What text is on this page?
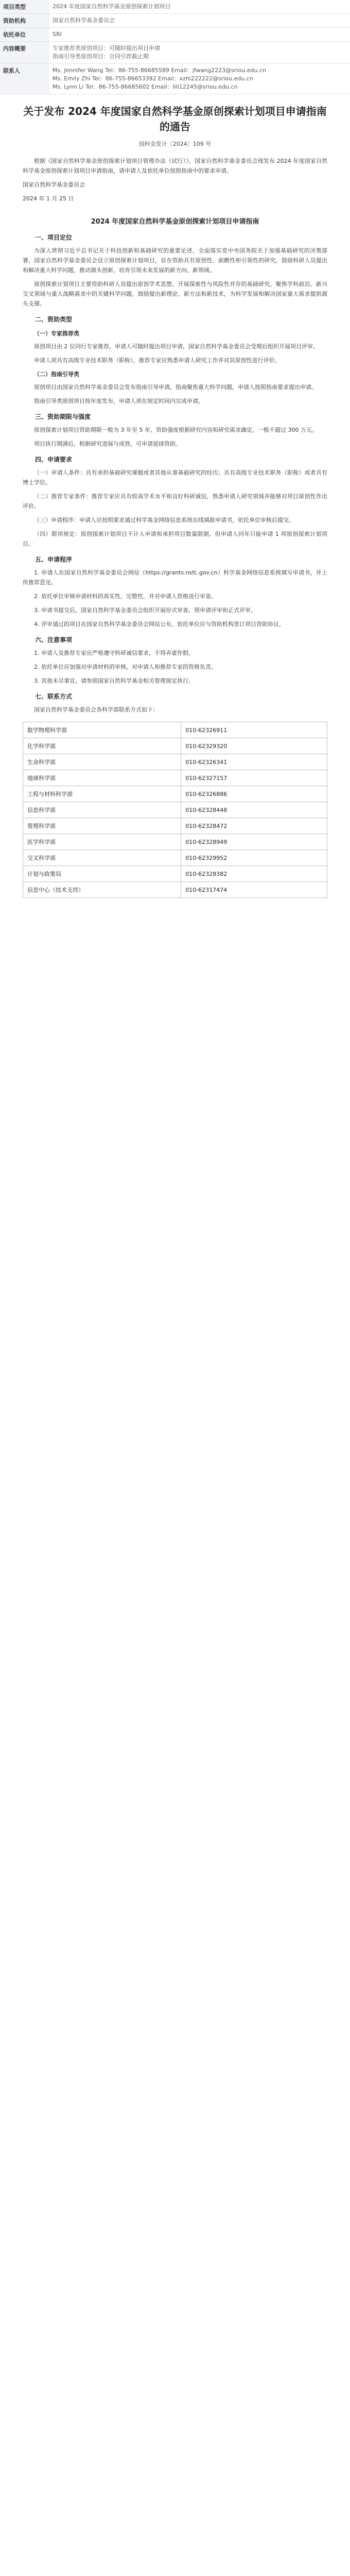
项目类型	2024 年度国家自然科学基金原创探索计划项目

资助机构	国家自然科学基金委员会

依托单位	SRI

内容概要	专家推荐类原创项目：可随时提出项目申请
指南引导类原创项目：合同引荐截止期

联系人	Ms. Jennifer Wang Tel：86-755-86685589 Email：jfwang2223@sriou.edu.cn
Ms. Emily Zhi Tel：86-755-86653392 Email：xzhi222222@sriou.edu.cn
Ms. Lynn Li Tel：86-755-86685602 Email：lili12245@sriou.edu.cn
关于发布 2024 年度国家自然科学基金原创探索计划项目申请指南的通告
国科金发计〔2024〕109 号

根据《国家自然科学基金原创探索计划项目管理办法（试行）》，国家自然科学基金委员会现发布 2024 年度国家自然科学基金原创探索计划项目申请指南，请申请人及依托单位按照指南中的要求申请。

国家自然科学基金委员会

2024 年 1 月 25 日

2024 年度国家自然科学基金原创探索计划项目申请指南
一、项目定位

为深入贯彻习近平总书记关于科技创新和基础研究的重要论述，全面落实党中央国务院关于加强基础研究的决策部署，国家自然科学基金委员会设立原创探索计划项目，旨在资助具有原创性、前瞻性和引领性的研究，鼓励科研人员提出和解决重大科学问题，推动源头创新，培育引领未来发展的新方向、新领域。

原创探索计划项目主要资助科研人员提出原创学术思想、开展探索性与风险性并存的基础研究，聚焦学科前沿、新兴交叉领域与重大战略需求中的关键科学问题，鼓励提出新理论、新方法和新技术，为科学发展和解决国家重大需求提供源头支撑。

二、资助类型
（一）专家推荐类

原创项目由 2 位同行专家推荐，申请人可随时提出项目申请，国家自然科学基金委员会受理后组织开展项目评审。

申请人须具有高级专业技术职务（职称），推荐专家应熟悉申请人研究工作并对其原创性进行评价。

（二）指南引导类

原创项目由国家自然科学基金委员会发布指南引导申请，指南聚焦重大科学问题，申请人按照指南要求提出申请。

指南引导类原创项目按年度发布，申请人须在规定时间内完成申请。

三、资助期限与强度

原创探索计划项目资助期限一般为 3 年至 5 年，资助强度根据研究内容和研究需求确定，一般不超过 300 万元。

项目执行期满后，根据研究进展与成效，可申请延续资助。

四、申请要求

（一）申请人条件：具有承担基础研究课题或者其他从事基础研究的经历；具有高级专业技术职务（职称）或者具有博士学位。

（二）推荐专家条件：推荐专家应具有较高学术水平和良好科研诚信，熟悉申请人研究领域并能够对项目原创性作出评价。

（三）申请程序：申请人应按照要求通过科学基金网络信息系统在线填报申请书，依托单位审核后提交。

（四）限项规定：原创探索计划项目不计入申请和承担项目数量限制，但申请人同年只能申请 1 项原创探索计划项目。

五、申请程序

1. 申请人在国家自然科学基金委员会网站（https://grants.nsfc.gov.cn）科学基金网络信息系统填写申请书，并上传推荐意见。

2. 依托单位审核申请材料的真实性、完整性，并对申请人资格进行审查。

3. 申请书提交后，国家自然科学基金委员会组织开展形式审查、预申请评审和正式评审。

4. 评审通过的项目在国家自然科学基金委员会网站公布，依托单位应与资助机构签订项目资助协议。

六、注意事项

1. 申请人及推荐专家应严格遵守科研诚信要求，不得弄虚作假。

2. 依托单位应加强对申请材料的审核，对申请人和推荐专家的资格负责。

3. 其他未尽事宜，请参照国家自然科学基金相关管理规定执行。

七、联系方式

国家自然科学基金委员会各科学部联系方式如下：

数学物理科学部	010-62326911
化学科学部	010-62329320
生命科学部	010-62326341
地球科学部	010-62327157
工程与材料科学部	010-62326886
信息科学部	010-62328448
管理科学部	010-62328472
医学科学部	010-62328949
交叉科学部	010-62329952
计划与政策局	010-62328382
信息中心（技术支持）	010-62317474
